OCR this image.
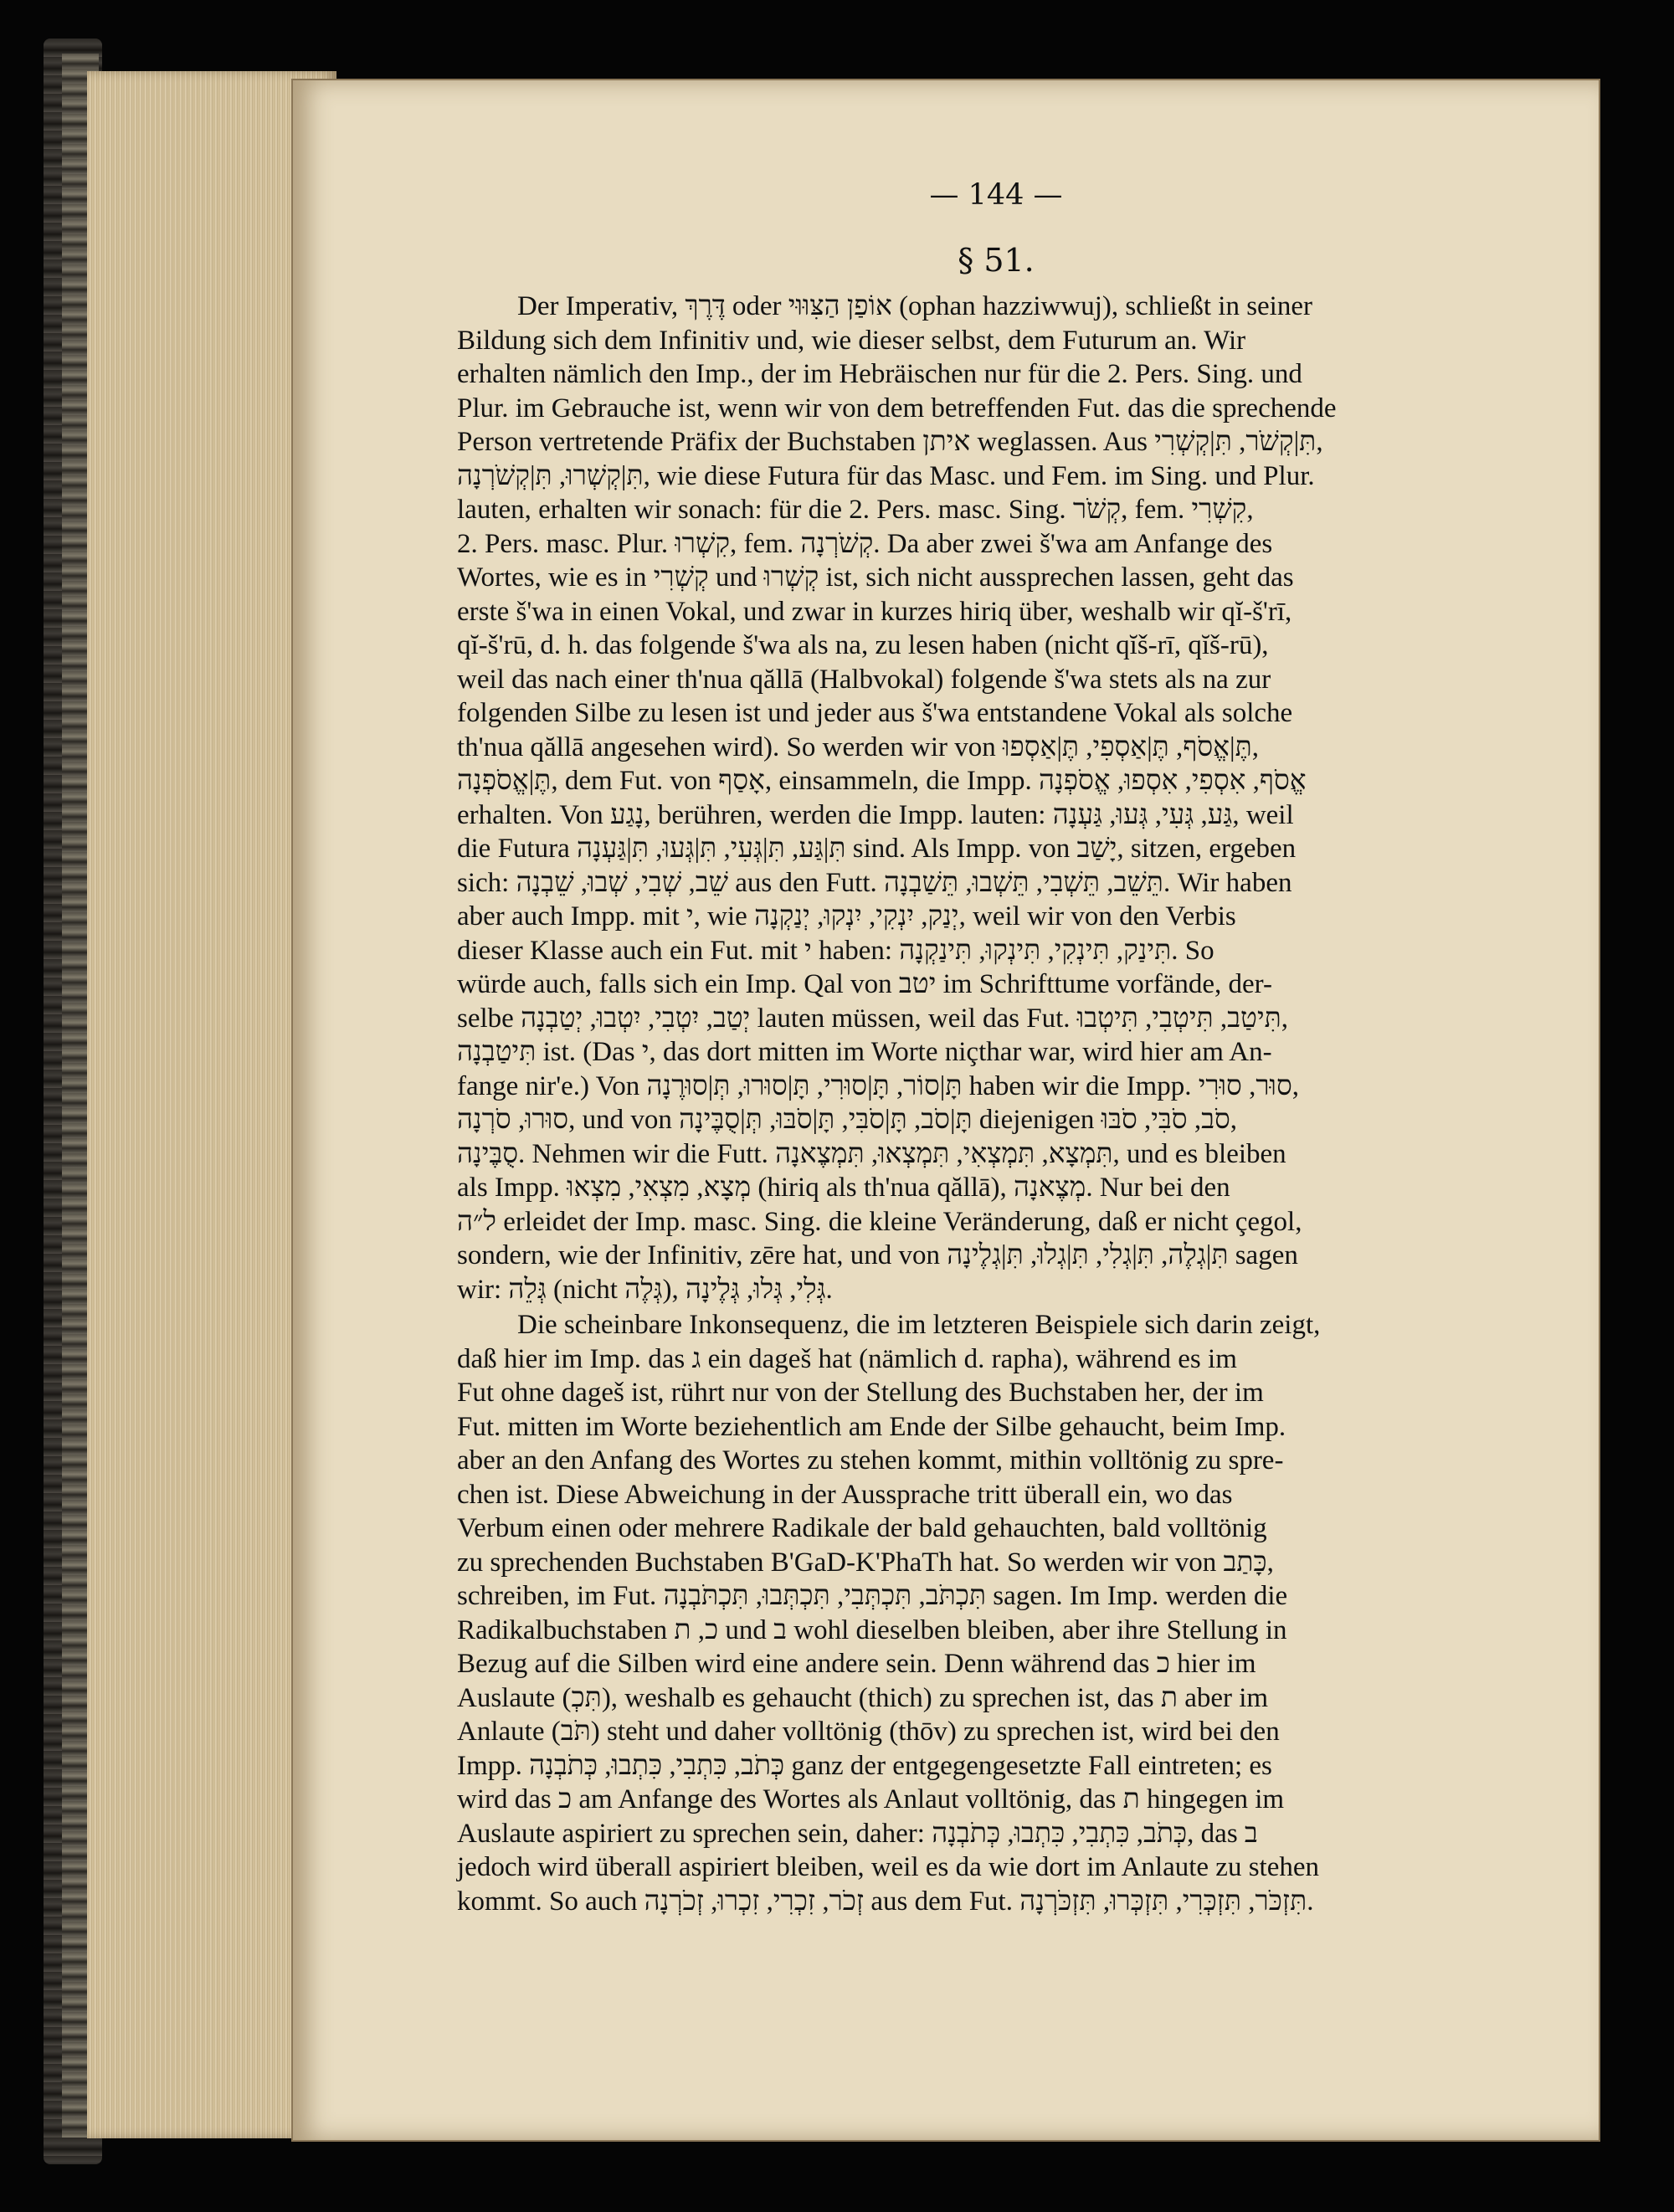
— 144 —
§ 51.

Der Imperativ, דֶּרֶךְ oder אוֹפַן הַצִּוּוּי (ophan hazziwwuj), schließt in seiner
Bildung sich dem Infinitiv und, wie dieser selbst, dem Futurum an. Wir
erhalten nämlich den Imp., der im Hebräischen nur für die 2. Pers. Sing. und
Plur. im Gebrauche ist, wenn wir von dem betreffenden Fut. das die sprechende
Person vertretende Präfix der Buchstaben איתן weglassen. Aus תִּ|קְשֹׁר, תִּ|קְשְׁרִי,
תִּ|קְשְׁרוּ, תִּ|קְשֹׁרְנָה, wie diese Futura für das Masc. und Fem. im Sing. und Plur.
lauten, erhalten wir sonach: für die 2. Pers. masc. Sing. קְשֹׁר, fem. קִשְׁרִי,
2. Pers. masc. Plur. קִשְׁרוּ, fem. קְשֹׁרְנָה. Da aber zwei š'wa am Anfange des
Wortes, wie es in קְשְׁרִי und קְשְׁרוּ ist, sich nicht aussprechen lassen, geht das
erste š'wa in einen Vokal, und zwar in kurzes hiriq über, weshalb wir qĭ-š'rī,
qĭ-š'rū, d. h. das folgende š'wa als na, zu lesen haben (nicht qĭš-rī, qĭš-rū),
weil das nach einer th'nua qăllā (Halbvokal) folgende š'wa stets als na zur
folgenden Silbe zu lesen ist und jeder aus š'wa entstandene Vokal als solche
th'nua qăllā angesehen wird). So werden wir von תֶּ|אֱסֹף, תֶּ|אַסְפִי, תֶּ|אַסְפוּ,
תֶּ|אֱסֹפְנָה, dem Fut. von אָסַף, einsammeln, die Impp. אֱסֹף, אִסְפִי, אִסְפוּ, אֱסֹפְנָה
erhalten. Von נָגַע, berühren, werden die Impp. lauten: גַּע, גְּעִי, גְּעוּ, גַּעְנָה, weil
die Futura תִּ|גַּע, תִּ|גְּעִי, תִּ|גְּעוּ, תִּ|גַּעְנָה sind. Als Impp. von יָשַׁב, sitzen, ergeben
sich: שֵׁב, שְׁבִי, שְׁבוּ, שֵׁבְנָה aus den Futt. תֵּשֵׁב, תֵּשְׁבִי, תֵּשְׁבוּ, תֵּשַׁבְנָה. Wir haben
aber auch Impp. mit י, wie יְנַק, יִנְקִי, יִנְקוּ, יְנַקְנָה, weil wir von den Verbis
dieser Klasse auch ein Fut. mit י haben: תִּינַק, תִּינְקִי, תִּינְקוּ, תִּינַקְנָה. So
würde auch, falls sich ein Imp. Qal von יטב im Schrifttume vorfände, der-
selbe יְטַב, יִטְבִי, יִטְבוּ, יְטַבְנָה lauten müssen, weil das Fut. תִּיטַב, תִּיטְבִי, תִּיטְבוּ,
תִּיטַבְנָה ist. (Das י, das dort mitten im Worte niçthar war, wird hier am An-
fange nir'e.) Von תָּ|סוֹר, תָּ|סוּרִי, תָּ|סוּרוּ, תְּ|סוּרֶנָה haben wir die Impp. סוּר, סוּרִי,
סוּרוּ, סֹרְנָה, und von תָּ|סֹב, תָּ|סֹבִּי, תָּ|סֹבּוּ, תְּ|סֻבֶּינָה diejenigen סֹב, סֹבִּי, סֹבּוּ,
סֻבֶּינָה. Nehmen wir die Futt. תִּמְצָא, תִּמְצְאִי, תִּמְצְאוּ, תִּמְצֶאנָה, und es bleiben
als Impp. מְצָא, מִצְאִי, מִצְאוּ (hiriq als th'nua qăllā), מְצֶאנָה. Nur bei den
ל״ה erleidet der Imp. masc. Sing. die kleine Veränderung, daß er nicht çegol,
sondern, wie der Infinitiv, zēre hat, und von תִּ|גְלֶה, תִּ|גְלִי, תִּ|גְלוּ, תִּ|גְלֶינָה sagen
wir: גְּלֵה (nicht גְּלֶה), גְּלִי, גְּלוּ, גְּלֶינָה.

Die scheinbare Inkonsequenz, die im letzteren Beispiele sich darin zeigt,
daß hier im Imp. das ג ein dageš hat (nämlich d. rapha), während es im
Fut ohne dageš ist, rührt nur von der Stellung des Buchstaben her, der im
Fut. mitten im Worte beziehentlich am Ende der Silbe gehaucht, beim Imp.
aber an den Anfang des Wortes zu stehen kommt, mithin volltönig zu spre-
chen ist. Diese Abweichung in der Aussprache tritt überall ein, wo das
Verbum einen oder mehrere Radikale der bald gehauchten, bald volltönig
zu sprechenden Buchstaben B'GaD-K'PhaTh hat. So werden wir von כָּתַב,
schreiben, im Fut. תִּכְתֹּב, תִּכְתְּבִי, תִּכְתְּבוּ, תִּכְתֹּבְנָה sagen. Im Imp. werden die
Radikalbuchstaben כ, ת und ב wohl dieselben bleiben, aber ihre Stellung in
Bezug auf die Silben wird eine andere sein. Denn während das כ hier im
Auslaute (תִּכְ), weshalb es gehaucht (thich) zu sprechen ist, das ת aber im
Anlaute (תֹּב) steht und daher volltönig (thōv) zu sprechen ist, wird bei den
Impp. כְּתֹב, כִּתְבִי, כִּתְבוּ, כְּתֹבְנָה ganz der entgegengesetzte Fall eintreten; es
wird das כ am Anfange des Wortes als Anlaut volltönig, das ת hingegen im
Auslaute aspiriert zu sprechen sein, daher: כְּתֹב, כִּתְבִי, כִּתְבוּ, כְּתֹבְנָה, das ב
jedoch wird überall aspiriert bleiben, weil es da wie dort im Anlaute zu stehen
kommt. So auch זְכֹר, זִכְרִי, זִכְרוּ, זְכֹרְנָה aus dem Fut. תִּזְכֹּר, תִּזְכְּרִי, תִּזְכְּרוּ, תִּזְכֹּרְנָה.
